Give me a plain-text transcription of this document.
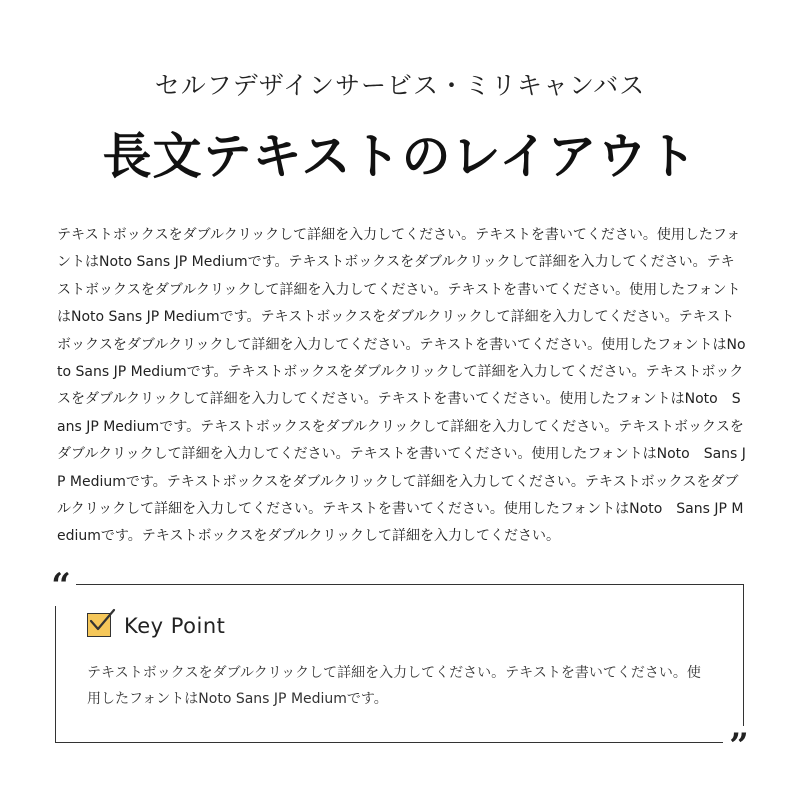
セルフデザインサービス・ミリキャンバス
長文テキストのレイアウト

テキストボックスをダブルクリックして詳細を入力してください。テキストを書いてください。使用したフォントはNoto Sans JP Mediumです。テキストボックスをダブルクリックして詳細を入力してください。テキストボックスをダブルクリックして詳細を入力してください。テキストを書いてください。使用したフォントはNoto Sans JP Mediumです。テキストボックスをダブルクリックして詳細を入力してください。テキストボックスをダブルクリックして詳細を入力してください。テキストを書いてください。使用したフォントはNoto Sans JP Mediumです。テキストボックスをダブルクリックして詳細を入力してください。テキストボックスをダブルクリックして詳細を入力してください。テキストを書いてください。使用したフォントはNoto　Sans JP Mediumです。テキストボックスをダブルクリックして詳細を入力してください。テキストボックスをダブルクリックして詳細を入力してください。テキストを書いてください。使用したフォントはNoto　Sans JP Mediumです。テキストボックスをダブルクリックして詳細を入力してください。テキストボックスをダブルクリックして詳細を入力してください。テキストを書いてください。使用したフォントはNoto　Sans JP Mediumです。テキストボックスをダブルクリックして詳細を入力してください。

“
”
Key Point

テキストボックスをダブルクリックして詳細を入力してください。テキストを書いてください。使用したフォントはNoto Sans JP Mediumです。
